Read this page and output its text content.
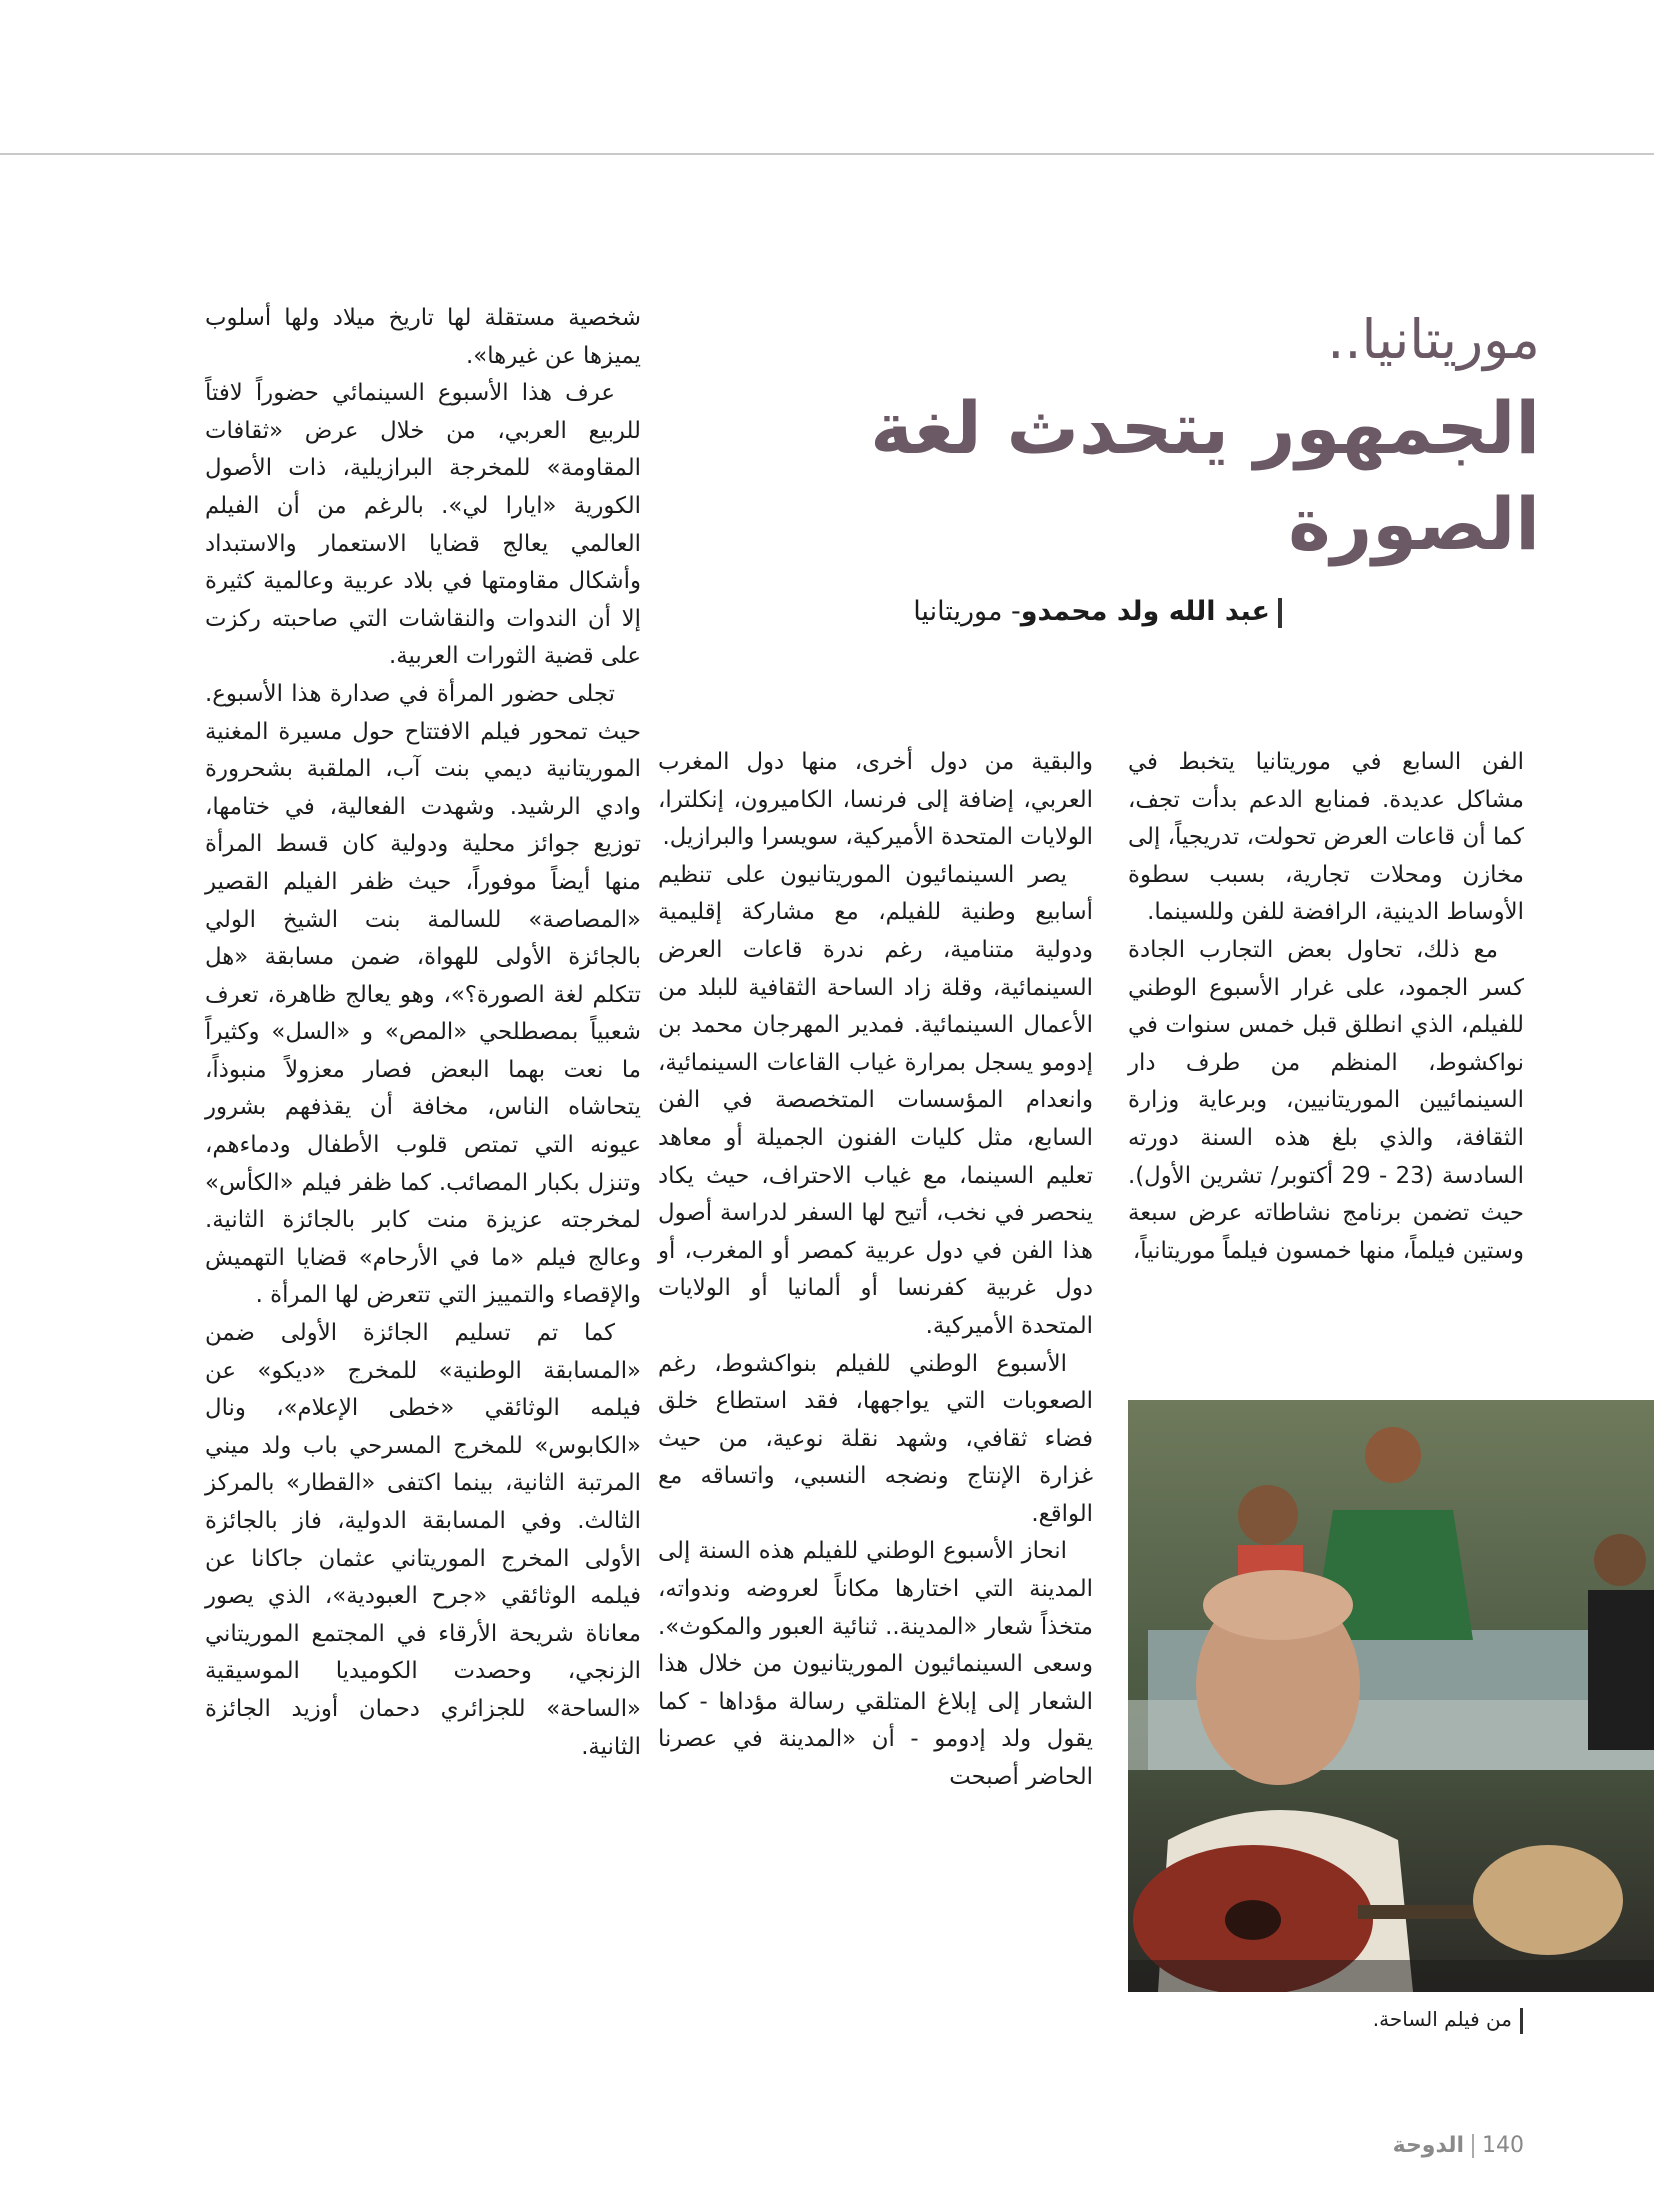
موريتانيا..
الجمهور يتحدث لغة الصورة
عبد الله ولد محمدو- موريتانيا

الفن السابع في موريتانيا يتخبط في مشاكل عديدة. فمنابع الدعم بدأت تجف، كما أن قاعات العرض تحولت، تدريجياً، إلى مخازن ومحلات تجارية، بسبب سطوة الأوساط الدينية، الرافضة للفن وللسينما.

مع ذلك، تحاول بعض التجارب الجادة كسر الجمود، على غرار الأسبوع الوطني للفيلم، الذي انطلق قبل خمس سنوات في نواكشوط، المنظم من طرف دار السينمائيين الموريتانيين، وبرعاية وزارة الثقافة، والذي بلغ هذه السنة دورته السادسة (23 - 29 أكتوبر/ تشرين الأول). حيث تضمن برنامج نشاطاته عرض سبعة وستين فيلماً، منها خمسون فيلماً موريتانياً،

والبقية من دول أخرى، منها دول المغرب العربي، إضافة إلى فرنسا، الكاميرون، إنكلترا، الولايات المتحدة الأميركية، سويسرا والبرازيل.

يصر السينمائيون الموريتانيون على تنظيم أسابيع وطنية للفيلم، مع مشاركة إقليمية ودولية متنامية، رغم ندرة قاعات العرض السينمائية، وقلة زاد الساحة الثقافية للبلد من الأعمال السينمائية. فمدير المهرجان محمد بن إدومو يسجل بمرارة غياب القاعات السينمائية، وانعدام المؤسسات المتخصصة في الفن السابع، مثل كليات الفنون الجميلة أو معاهد تعليم السينما، مع غياب الاحتراف، حيث يكاد ينحصر في نخب، أتيح لها السفر لدراسة أصول هذا الفن في دول عربية كمصر أو المغرب، أو دول غربية كفرنسا أو ألمانيا أو الولايات المتحدة الأميركية.

الأسبوع الوطني للفيلم بنواكشوط، رغم الصعوبات التي يواجهها، فقد استطاع خلق فضاء ثقافي، وشهد نقلة نوعية، من حيث غزارة الإنتاج ونضجه النسبي، واتساقه مع الواقع.

انحاز الأسبوع الوطني للفيلم هذه السنة إلى المدينة التي اختارها مكاناً لعروضه وندواته، متخذاً شعار «المدينة.. ثنائية العبور والمكوث». وسعى السينمائيون الموريتانيون من خلال هذا الشعار إلى إبلاغ المتلقي رسالة مؤداها - كما يقول ولد إدومو - أن «المدينة في عصرنا الحاضر أصبحت

شخصية مستقلة لها تاريخ ميلاد ولها أسلوب يميزها عن غيرها».

عرف هذا الأسبوع السينمائي حضوراً لافتاً للربيع العربي، من خلال عرض «ثقافات المقاومة» للمخرجة البرازيلية، ذات الأصول الكورية «ايارا لي». بالرغم من أن الفيلم العالمي يعالج قضايا الاستعمار والاستبداد وأشكال مقاومتها في بلاد عربية وعالمية كثيرة إلا أن الندوات والنقاشات التي صاحبته ركزت على قضية الثورات العربية.

تجلى حضور المرأة في صدارة هذا الأسبوع. حيث تمحور فيلم الافتتاح حول مسيرة المغنية الموريتانية ديمي بنت آب، الملقبة بشحرورة وادي الرشيد. وشهدت الفعالية، في ختامها، توزيع جوائز محلية ودولية كان قسط المرأة منها أيضاً موفوراً، حيث ظفر الفيلم القصير «المصاصة» للسالمة بنت الشيخ الولي بالجائزة الأولى للهواة، ضمن مسابقة «هل تتكلم لغة الصورة؟»، وهو يعالج ظاهرة، تعرف شعبياً بمصطلحي «المص» و «السل» وكثيراً ما نعت بهما البعض فصار معزولاً منبوذاً، يتحاشاه الناس، مخافة أن يقذفهم بشرور عيونه التي تمتص قلوب الأطفال ودماءهم، وتنزل بكبار المصائب. كما ظفر فيلم «الكأس» لمخرجته عزيزة منت كابر بالجائزة الثانية. وعالج فيلم «ما في الأرحام» قضايا التهميش والإقصاء والتمييز التي تتعرض لها المرأة .

كما تم تسليم الجائزة الأولى ضمن «المسابقة الوطنية» للمخرج «ديكو» عن فيلمه الوثائقي «خطى الإعلام»، ونال «الكابوس» للمخرج المسرحي باب ولد ميني المرتبة الثانية، بينما اكتفى «القطار» بالمركز الثالث. وفي المسابقة الدولية، فاز بالجائزة الأولى المخرج الموريتاني عثمان جاكانا عن فيلمه الوثائقي «جرح العبودية»، الذي يصور معاناة شريحة الأرقاء في المجتمع الموريتاني الزنجي، وحصدت الكوميديا الموسيقية «الساحة» للجزائري دحمان أوزيد الجائزة الثانية.

من فيلم الساحة.
140الدوحة
